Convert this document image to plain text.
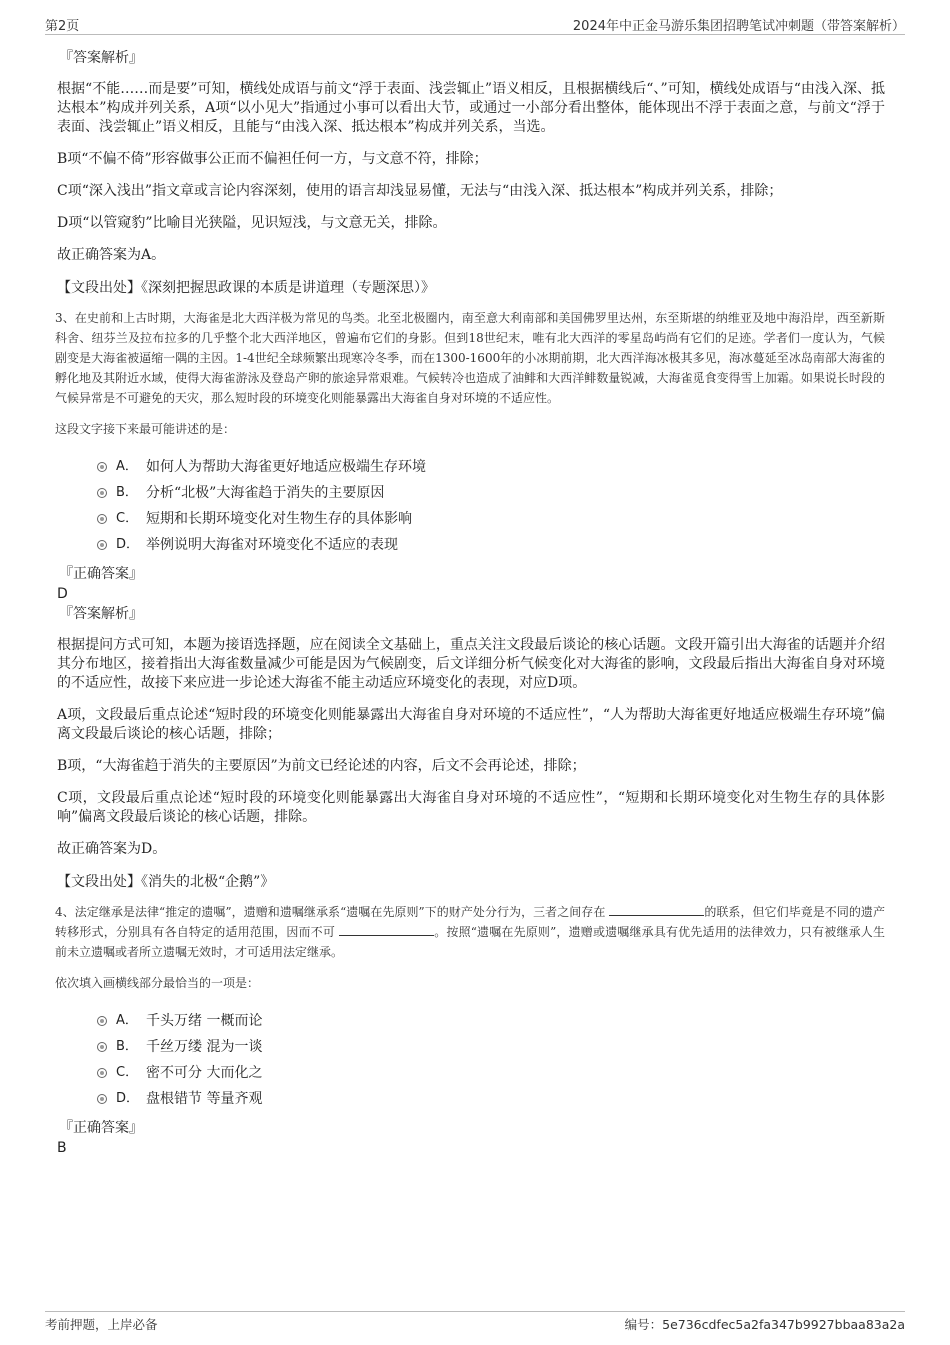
第2页	2024年中正金马游乐集团招聘笔试冲刺题（带答案解析）
『答案解析』

根据“不能……而是要”可知，横线处成语与前文“浮于表面、浅尝辄止”语义相反，且根据横线后“、”可知，横线处成语与“由浅入深、抵达根本”构成并列关系，A项“以小见大”指通过小事可以看出大节，或通过一小部分看出整体，能体现出不浮于表面之意，与前文“浮于表面、浅尝辄止”语义相反，且能与“由浅入深、抵达根本”构成并列关系，当选。

B项“不偏不倚”形容做事公正而不偏袒任何一方，与文意不符，排除；

C项“深入浅出”指文章或言论内容深刻，使用的语言却浅显易懂，无法与“由浅入深、抵达根本”构成并列关系，排除；

D项“以管窥豹”比喻目光狭隘，见识短浅，与文意无关，排除。

故正确答案为A。

【文段出处】《深刻把握思政课的本质是讲道理（专题深思）》

3、在史前和上古时期，大海雀是北大西洋极为常见的鸟类。北至北极圈内，南至意大利南部和美国佛罗里达州，东至斯堪的纳维亚及地中海沿岸，西至新斯科舍、纽芬兰及拉布拉多的几乎整个北大西洋地区，曾遍布它们的身影。但到18世纪末，唯有北大西洋的零星岛屿尚有它们的足迹。学者们一度认为，气候剧变是大海雀被逼缩一隅的主因。1-4世纪全球频繁出现寒冷冬季，而在1300-1600年的小冰期前期，北大西洋海冰极其多见，海冰蔓延至冰岛南部大海雀的孵化地及其附近水域，使得大海雀游泳及登岛产卵的旅途异常艰难。气候转冷也造成了油鲱和大西洋鲱数量锐减，大海雀觅食变得雪上加霜。如果说长时段的气候异常是不可避免的天灾，那么短时段的环境变化则能暴露出大海雀自身对环境的不适应性。

这段文字接下来最可能讲述的是：

A． 如何人为帮助大海雀更好地适应极端生存环境
B． 分析“北极”大海雀趋于消失的主要原因
C． 短期和长期环境变化对生物生存的具体影响
D． 举例说明大海雀对环境变化不适应的表现
『正确答案』
D
『答案解析』

根据提问方式可知，本题为接语选择题，应在阅读全文基础上，重点关注文段最后谈论的核心话题。文段开篇引出大海雀的话题并介绍其分布地区，接着指出大海雀数量减少可能是因为气候剧变，后文详细分析气候变化对大海雀的影响，文段最后指出大海雀自身对环境的不适应性，故接下来应进一步论述大海雀不能主动适应环境变化的表现，对应D项。

A项，文段最后重点论述“短时段的环境变化则能暴露出大海雀自身对环境的不适应性”，“人为帮助大海雀更好地适应极端生存环境”偏离文段最后谈论的核心话题，排除；

B项，“大海雀趋于消失的主要原因”为前文已经论述的内容，后文不会再论述，排除；

C项，文段最后重点论述“短时段的环境变化则能暴露出大海雀自身对环境的不适应性”，“短期和长期环境变化对生物生存的具体影响”偏离文段最后谈论的核心话题，排除。

故正确答案为D。

【文段出处】《消失的北极“企鹅”》

4、法定继承是法律“推定的遗嘱”，遗赠和遗嘱继承系“遗嘱在先原则”下的财产处分行为，三者之间存在	的联系，但它们毕竟是不同的遗产转移形式，分别具有各自特定的适用范围，因而不可	。按照“遗嘱在先原则”，遗赠或遗嘱继承具有优先适用的法律效力，只有被继承人生前未立遗嘱或者所立遗嘱无效时，才可适用法定继承。

依次填入画横线部分最恰当的一项是：

A． 千头万绪 一概而论
B． 千丝万缕 混为一谈
C． 密不可分 大而化之
D． 盘根错节 等量齐观
『正确答案』
B
考前押题，上岸必备	编号：5e736cdfec5a2fa347b9927bbaa83a2a
